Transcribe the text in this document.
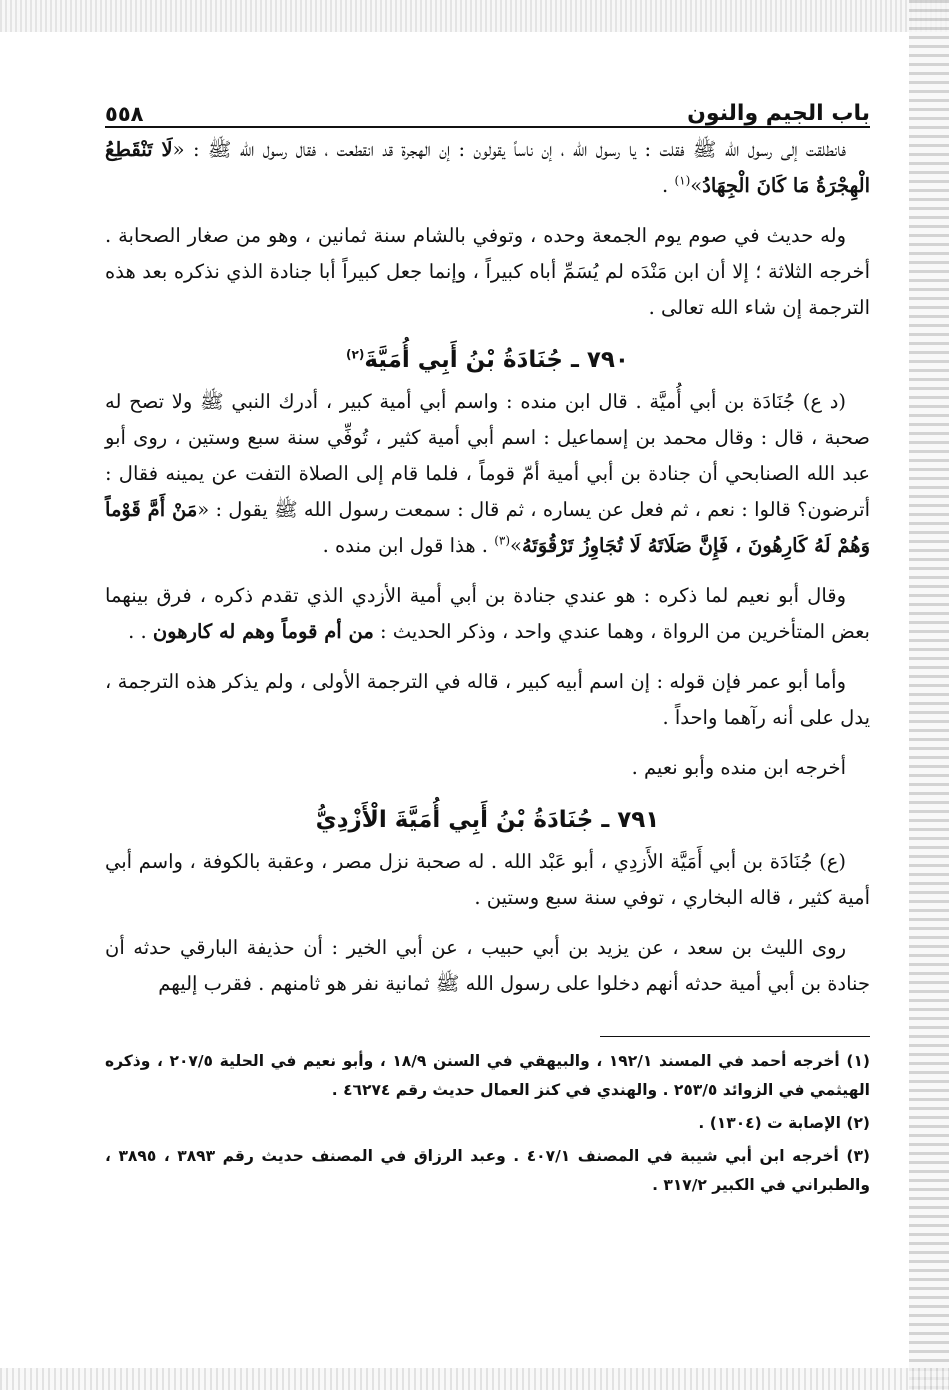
باب الجيم والنون
٥٥٨

فانطلقت إلى رسول الله ﷺ فقلت : يا رسول الله ، إن ناساً يقولون : إن الهجرة قد انقطعت ، فقال رسول الله ﷺ : «لَا تَنْقَطِعُ الْهِجْرَةُ مَا كَانَ الْجِهَادُ»$^{(١)}$ .

وله حديث في صوم يوم الجمعة وحده ، وتوفي بالشام سنة ثمانين ، وهو من صغار الصحابة . أخرجه الثلاثة ؛ إلا أن ابن مَنْدَه لم يُسَمِّ أباه كبيراً ، وإنما جعل كبيراً أبا جنادة الذي نذكره بعد هذه الترجمة إن شاء الله تعالى .

٧٩٠ ـ جُنَادَةُ بْنُ أَبِي أُمَيَّةَ$^{(٢)}$

(د ع) جُنَادَة بن أبي أُميَّة . قال ابن منده : واسم أبي أمية كبير ، أدرك النبي ﷺ ولا تصح له صحبة ، قال : وقال محمد بن إسماعيل : اسم أبي أمية كثير ، تُوفِّي سنة سبع وستين ، روى أبو عبد الله الصنابحي أن جنادة بن أبي أمية أمّ قوماً ، فلما قام إلى الصلاة التفت عن يمينه فقال : أترضون؟ قالوا : نعم ، ثم فعل عن يساره ، ثم قال : سمعت رسول الله ﷺ يقول : «مَنْ أَمَّ قَوْماً وَهُمْ لَهُ كَارِهُونَ ، فَإِنَّ صَلَاتَهُ لَا تُجَاوِزُ تَرْقُوَتَهُ»$^{(٣)}$ . هذا قول ابن منده .

وقال أبو نعيم لما ذكره : هو عندي جنادة بن أبي أمية الأزدي الذي تقدم ذكره ، فرق بينهما بعض المتأخرين من الرواة ، وهما عندي واحد ، وذكر الحديث : من أم قوماً وهم له كارهون . .

وأما أبو عمر فإن قوله : إن اسم أبيه كبير ، قاله في الترجمة الأولى ، ولم يذكر هذه الترجمة ، يدل على أنه رآهما واحداً .

أخرجه ابن منده وأبو نعيم .

٧٩١ ـ جُنَادَةُ بْنُ أَبِي أُمَيَّةَ الْأَزْدِيُّ

(ع) جُنَادَة بن أبي أَمَيَّة الأَزدِي ، أبو عَبْد الله . له صحبة نزل مصر ، وعقبة بالكوفة ، واسم أبي أمية كثير ، قاله البخاري ، توفي سنة سبع وستين .

روى الليث بن سعد ، عن يزيد بن أبي حبيب ، عن أبي الخير : أن حذيفة البارقي حدثه أن جنادة بن أبي أمية حدثه أنهم دخلوا على رسول الله ﷺ ثمانية نفر هو ثامنهم . فقرب إليهم

(١) أخرجه أحمد في المسند ١٩٢/١ ، والبيهقي في السنن ١٨/٩ ، وأبو نعيم في الحلية ٢٠٧/٥ ، وذكره الهيثمي في الزوائد ٢٥٣/٥ . والهندي في كنز العمال حديث رقم ٤٦٢٧٤ .

(٢) الإصابة ت (١٣٠٤) .

(٣) أخرجه ابن أبي شيبة في المصنف ٤٠٧/١ . وعبد الرزاق في المصنف حديث رقم ٣٨٩٣ ، ٣٨٩٥ ، والطبراني في الكبير ٣١٧/٢ .
